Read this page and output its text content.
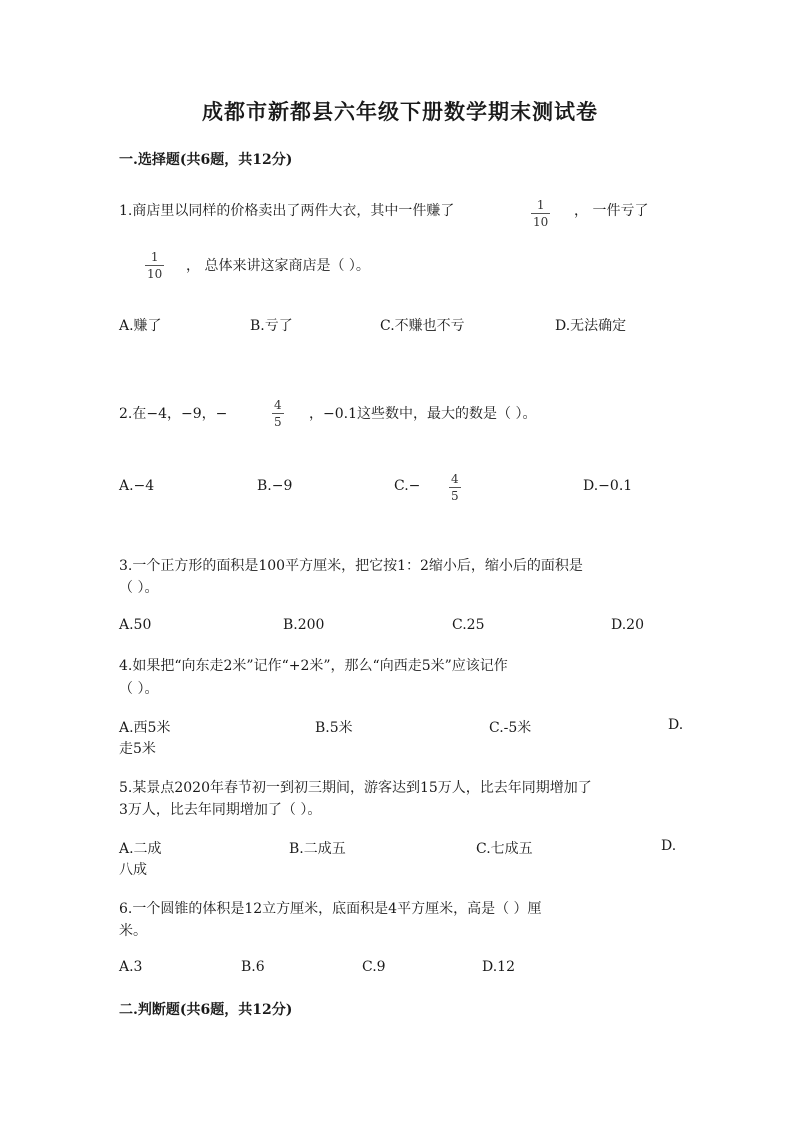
成都市新都县六年级下册数学期末测试卷
一.选择题(共6题，共12分)
1.商店里以同样的价格卖出了两件大衣，其中一件赚了	1
10
， 一件亏了
1
10 ， 总体来讲这家商店是（ ）。
A.赚了	B.亏了	C.不赚也不亏	D.无法确定
2.在−4，−9，−
4
5 ，−0.1这些数中，最大的数是（ ）。
A.−4	B.−9	C.−	4
5
D.−0.1
3.一个正方形的面积是100平方厘米，把它按1：2缩小后，缩小后的面积是
（ ）。
A.50	B.200	C.25	D.20
4.如果把“向东走2米”记作“+2米”，那么“向西走5米”应该记作
（ ）。
A.西5米	B.5米	C.-5米	D.
走5米
5.某景点2020年春节初一到初三期间，游客达到15万人，比去年同期增加了
3万人，比去年同期增加了（ ）。
A.二成	B.二成五	C.七成五	D.
八成
6.一个圆锥的体积是12立方厘米，底面积是4平方厘米，高是（ ）厘
米。
A.3	B.6	C.9	D.12
二.判断题(共6题，共12分)
